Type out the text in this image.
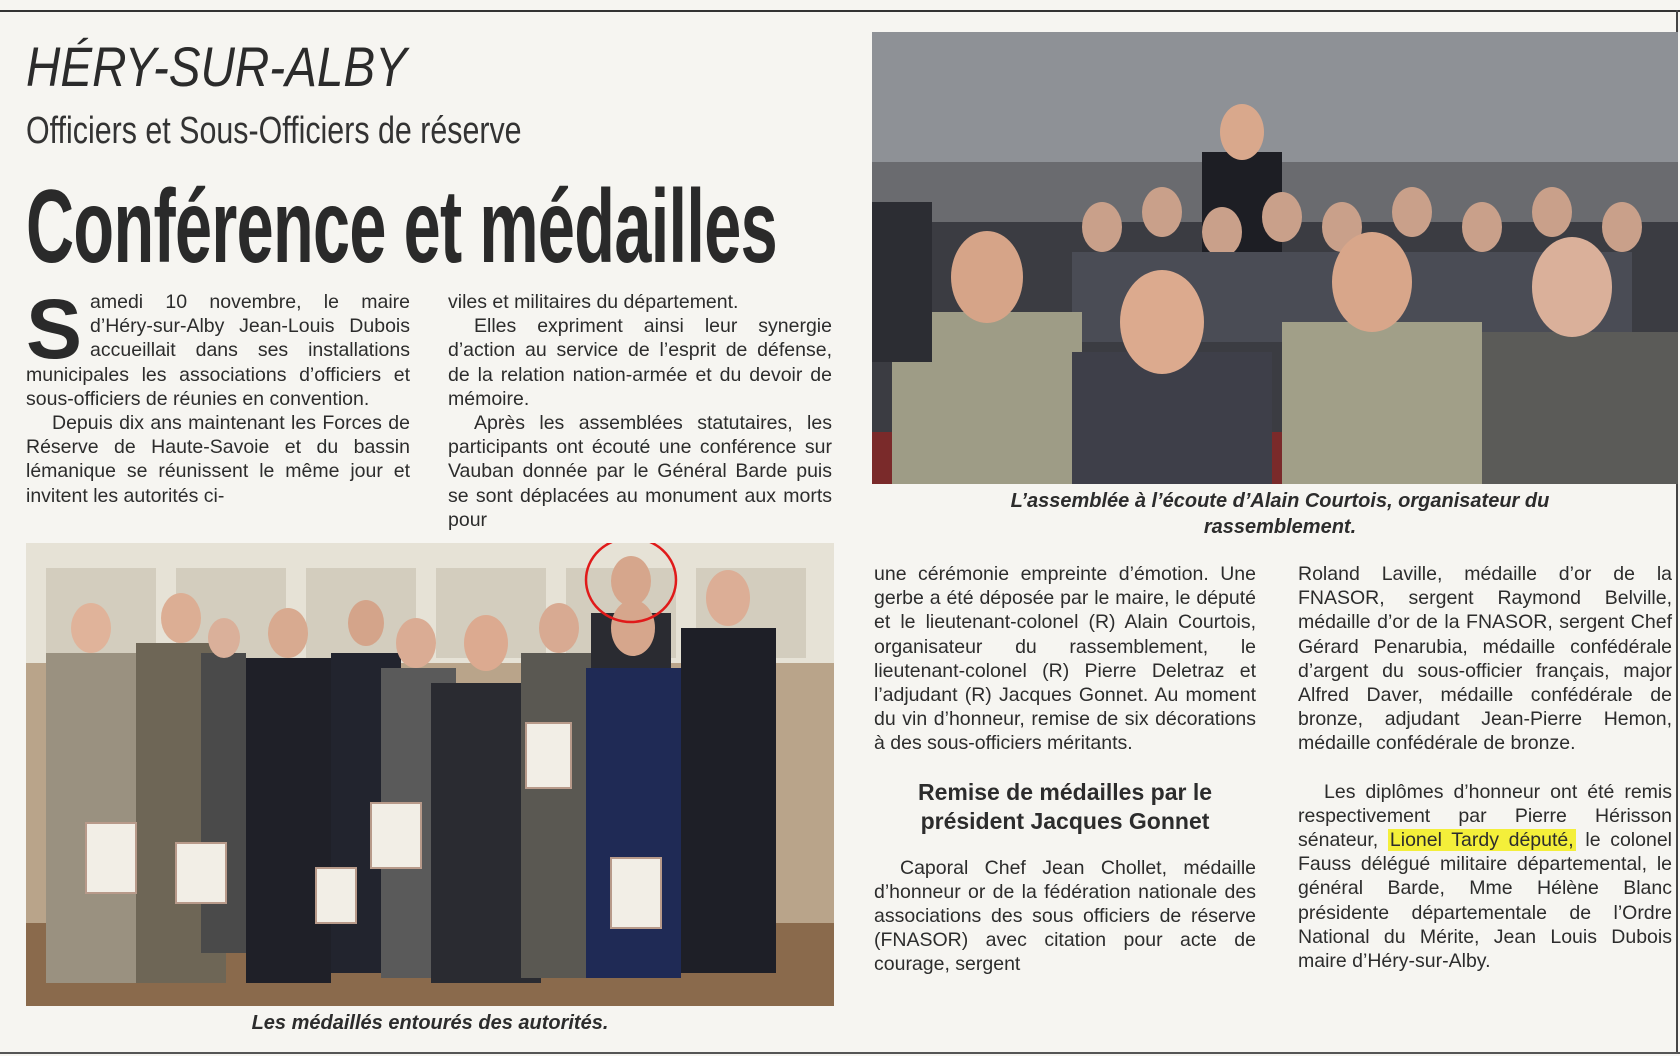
HÉRY-SUR-ALBY
Officiers et Sous-Officiers de réserve
Conférence et médailles

Samedi 10 novembre, le maire d’Héry-sur-Alby Jean-Louis Dubois accueillait dans ses installations municipales les associations d’officiers et sous-officiers de réunies en convention.

Depuis dix ans maintenant les Forces de Réserve de Haute-Savoie et du bassin lémanique se réunissent le même jour et invitent les autorités ci-

viles et militaires du département.

Elles expriment ainsi leur synergie d’action au service de l’esprit de défense, de la relation nation-armée et du devoir de mémoire.

Après les assemblées statutaires, les participants ont écouté une conférence sur Vauban donnée par le Général Barde puis se sont déplacées au monument aux morts pour

L’assemblée à l’écoute d’Alain Courtois, organisateur du rassemblement.
Les médaillés entourés des autorités.

une cérémonie empreinte d’émotion. Une gerbe a été déposée par le maire, le député et le lieutenant-colonel (R) Alain Courtois, organisateur du rassemblement, le lieutenant-colonel (R) Pierre Deletraz et l’adjudant (R) Jacques Gonnet. Au moment du vin d’honneur, remise de six décorations à des sous-officiers méritants.

Remise de médailles par le président Jacques Gonnet

Caporal Chef Jean Chollet, médaille d’honneur or de la fédération nationale des associations des sous officiers de réserve (FNASOR) avec citation pour acte de courage, sergent

Roland Laville, médaille d’or de la FNASOR, sergent Raymond Belville, médaille d’or de la FNASOR, sergent Chef Gérard Penarubia, médaille confédérale d’argent du sous-officier français, major Alfred Daver, médaille confédérale de bronze, adjudant Jean-Pierre Hemon, médaille confédérale de bronze.

Les diplômes d’honneur ont été remis respectivement par Pierre Hérisson sénateur, Lionel Tardy député, le colonel Fauss délégué militaire départemental, le général Barde, Mme Hélène Blanc présidente départementale de l’Ordre National du Mérite, Jean Louis Dubois maire d’Héry-sur-Alby.
